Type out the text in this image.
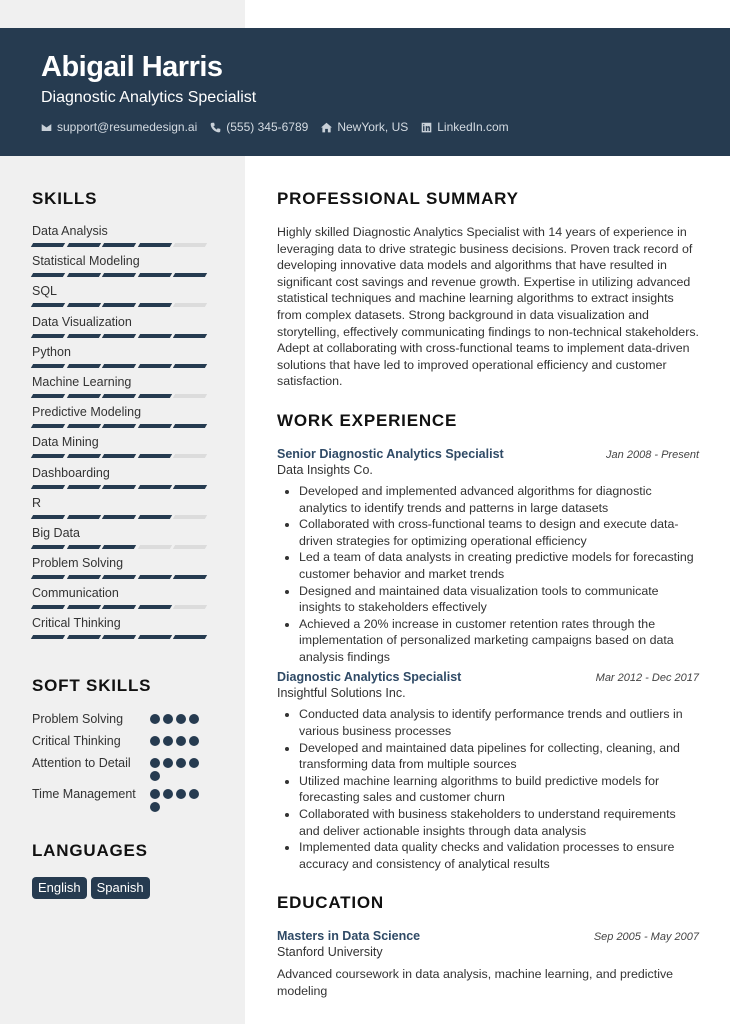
Abigail Harris
Diagnostic Analytics Specialist
support@resumedesign.ai (555) 345-6789 NewYork, US LinkedIn.com
SKILLS
Data Analysis
Statistical Modeling
SQL
Data Visualization
Python
Machine Learning
Predictive Modeling
Data Mining
Dashboarding
R
Big Data
Problem Solving
Communication
Critical Thinking
SOFT SKILLS
Problem Solving
Critical Thinking
Attention to Detail
Time Management
LANGUAGES
English	Spanish
PROFESSIONAL SUMMARY

Highly skilled Diagnostic Analytics Specialist with 14 years of experience in leveraging data to drive strategic business decisions. Proven track record of developing innovative data models and algorithms that have resulted in significant cost savings and revenue growth. Expertise in utilizing advanced statistical techniques and machine learning algorithms to extract insights from complex datasets. Strong background in data visualization and storytelling, effectively communicating findings to non-technical stakeholders. Adept at collaborating with cross-functional teams to implement data-driven solutions that have led to improved operational efficiency and customer satisfaction.

WORK EXPERIENCE
Senior Diagnostic Analytics Specialist	Jan 2008 - Present
Data Insights Co.
• Developed and implemented advanced algorithms for diagnostic analytics to identify trends and patterns in large datasets
• Collaborated with cross-functional teams to design and execute data-driven strategies for optimizing operational efficiency
• Led a team of data analysts in creating predictive models for forecasting customer behavior and market trends
• Designed and maintained data visualization tools to communicate insights to stakeholders effectively
• Achieved a 20% increase in customer retention rates through the implementation of personalized marketing campaigns based on data analysis findings
Diagnostic Analytics Specialist	Mar 2012 - Dec 2017
Insightful Solutions Inc.
• Conducted data analysis to identify performance trends and outliers in various business processes
• Developed and maintained data pipelines for collecting, cleaning, and transforming data from multiple sources
• Utilized machine learning algorithms to build predictive models for forecasting sales and customer churn
• Collaborated with business stakeholders to understand requirements and deliver actionable insights through data analysis
• Implemented data quality checks and validation processes to ensure accuracy and consistency of analytical results
EDUCATION
Masters in Data Science	Sep 2005 - May 2007
Stanford University
Advanced coursework in data analysis, machine learning, and predictive modeling
